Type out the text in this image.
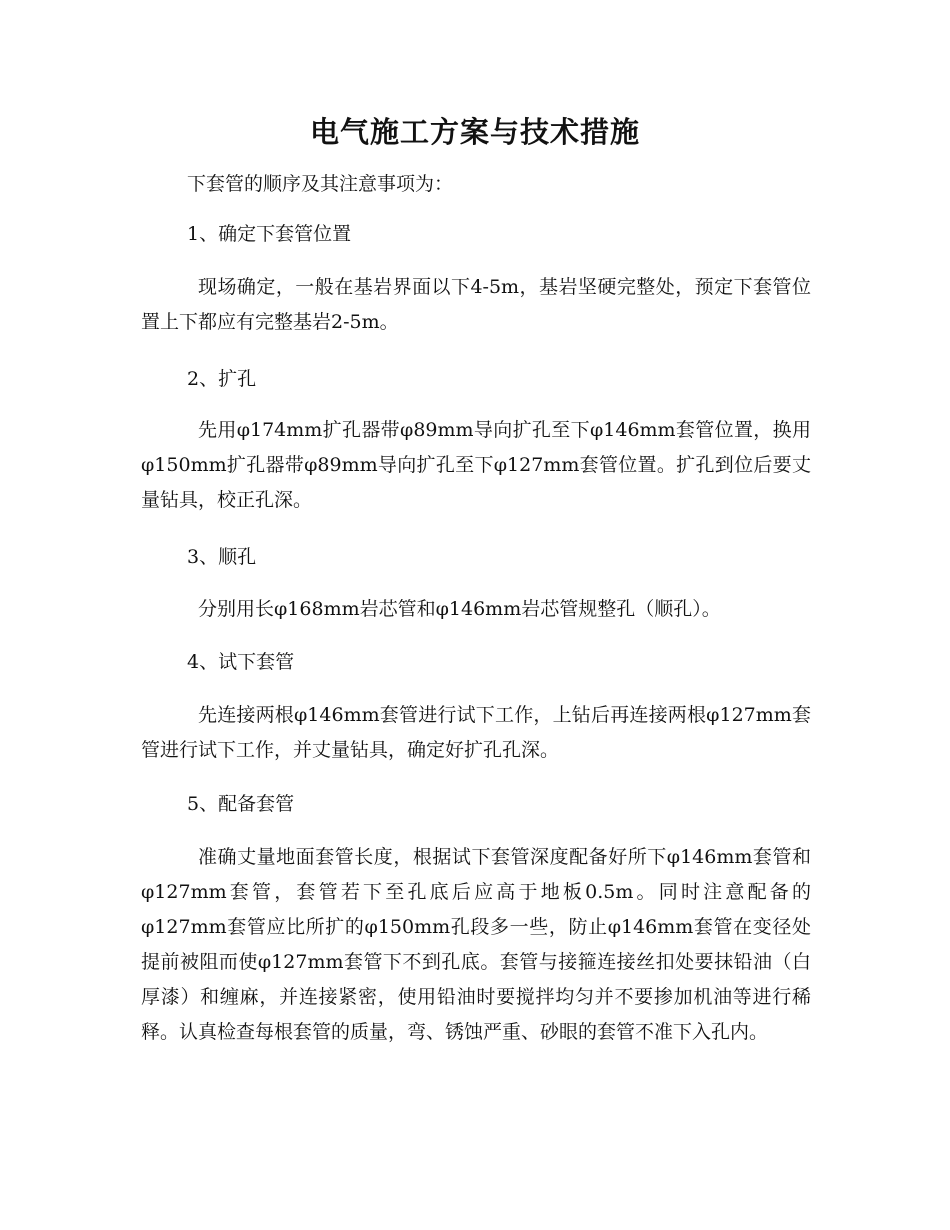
电气施工方案与技术措施
下套管的顺序及其注意事项为：
1、确定下套管位置
现场确定，一般在基岩界面以下4-5m，基岩坚硬完整处，预定下套管位置上下都应有完整基岩2-5m。
2、扩孔
先用φ174mm扩孔器带φ89mm导向扩孔至下φ146mm套管位置，换用φ150mm扩孔器带φ89mm导向扩孔至下φ127mm套管位置。扩孔到位后要丈量钻具，校正孔深。
3、顺孔
分别用长φ168mm岩芯管和φ146mm岩芯管规整孔（顺孔）。
4、试下套管
先连接两根φ146mm套管进行试下工作，上钻后再连接两根φ127mm套管进行试下工作，并丈量钻具，确定好扩孔孔深。
5、配备套管
准确丈量地面套管长度，根据试下套管深度配备好所下φ146mm套管和φ127mm套管，套管若下至孔底后应高于地板0.5m。同时注意配备的φ127mm套管应比所扩的φ150mm孔段多一些，防止φ146mm套管在变径处提前被阻而使φ127mm套管下不到孔底。套管与接箍连接丝扣处要抹铅油（白厚漆）和缠麻，并连接紧密，使用铅油时要搅拌均匀并不要掺加机油等进行稀释。认真检查每根套管的质量，弯、锈蚀严重、砂眼的套管不准下入孔内。
